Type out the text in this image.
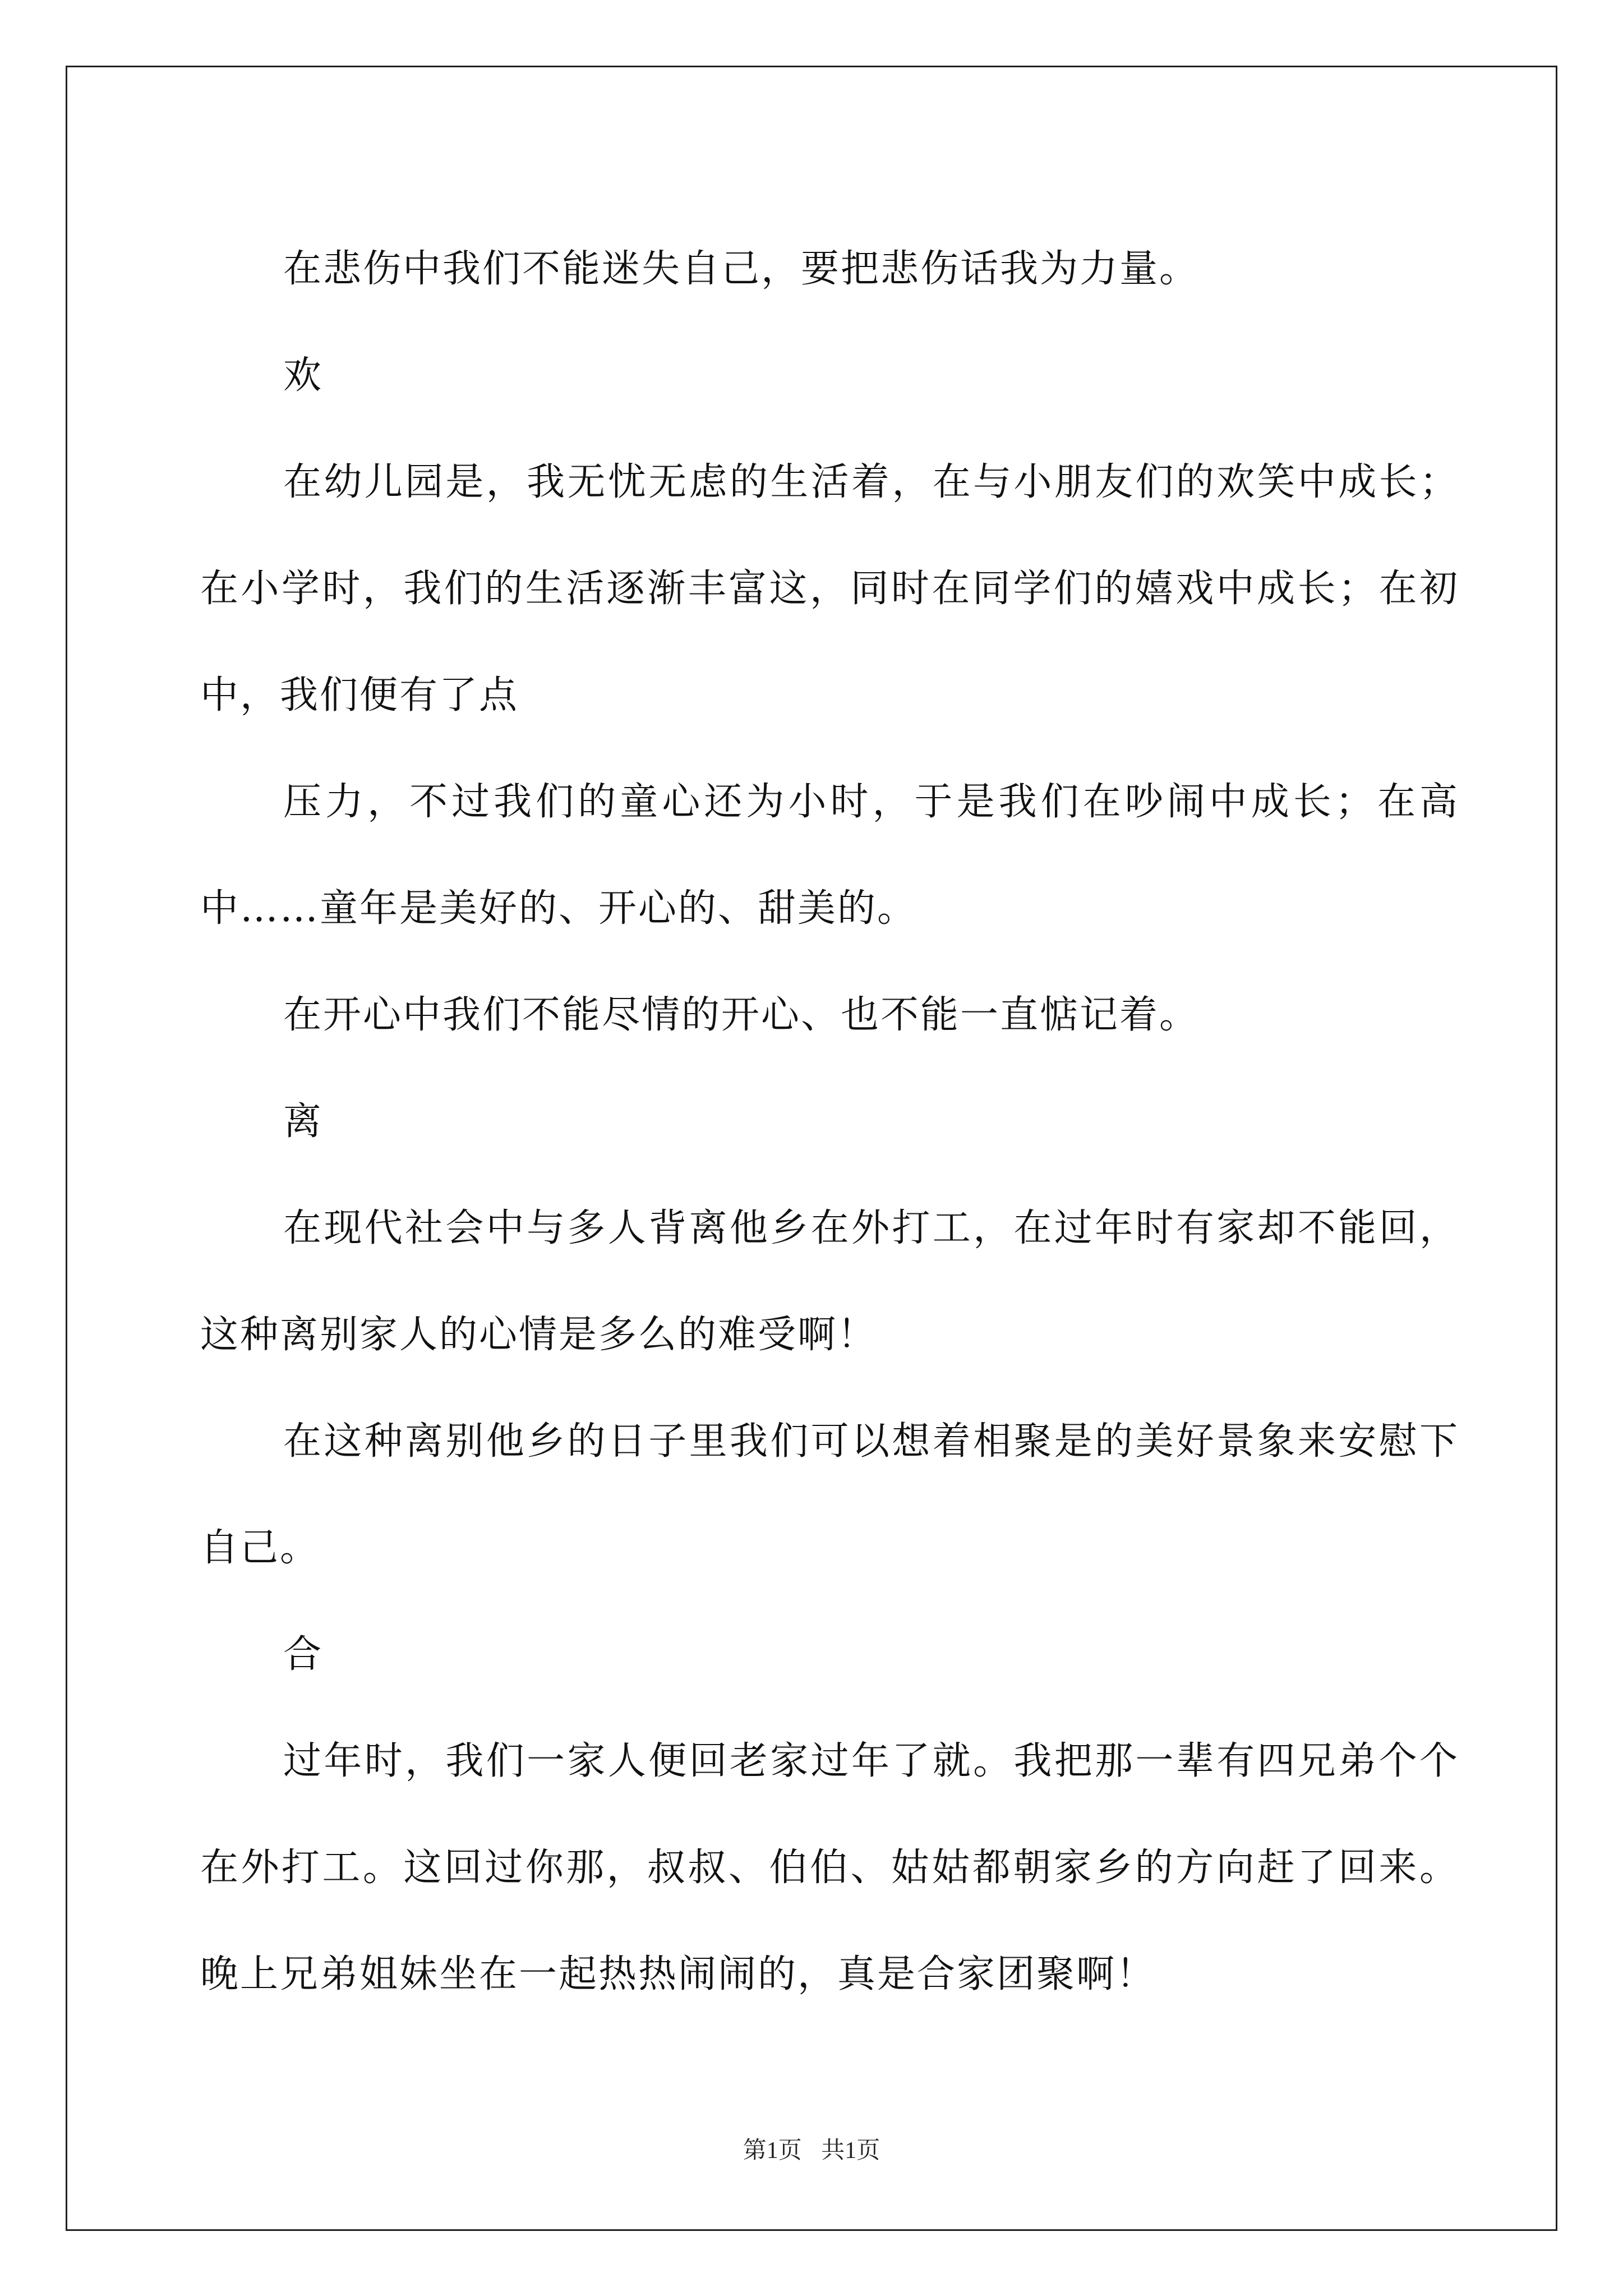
在悲伤中我们不能迷失自己，要把悲伤话我为力量。

欢

在幼儿园是，我无忧无虑的生活着，在与小朋友们的欢笑中成长；在小学时，我们的生活逐渐丰富这，同时在同学们的嬉戏中成长；在初中，我们便有了点

压力，不过我们的童心还为小时，于是我们在吵闹中成长；在高中……童年是美好的、开心的、甜美的。

在开心中我们不能尽情的开心、也不能一直惦记着。

离

在现代社会中与多人背离他乡在外打工，在过年时有家却不能回，这种离别家人的心情是多么的难受啊！

在这种离别他乡的日子里我们可以想着相聚是的美好景象来安慰下自己。

合

过年时，我们一家人便回老家过年了就。我把那一辈有四兄弟个个在外打工。这回过你那，叔叔、伯伯、姑姑都朝家乡的方向赶了回来。晚上兄弟姐妹坐在一起热热闹闹的，真是合家团聚啊！

第1页 共1页
